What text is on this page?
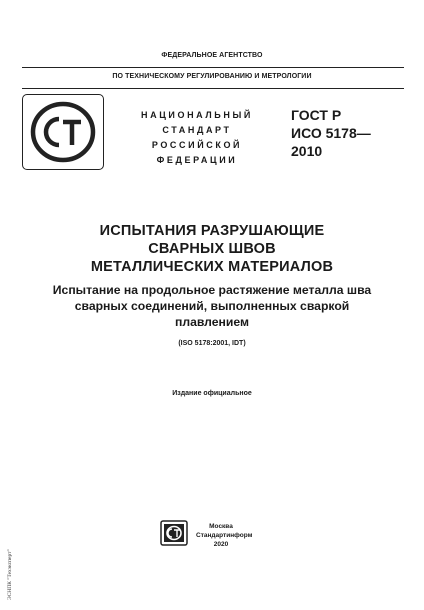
ФЕДЕРАЛЬНОЕ АГЕНТСТВО
ПО ТЕХНИЧЕСКОМУ РЕГУЛИРОВАНИЮ И МЕТРОЛОГИИ
НАЦИОНАЛЬНЫЙ
СТАНДАРТ
РОССИЙСКОЙ
ФЕДЕРАЦИИ
ГОСТ Р
ИСО 5178—
2010
ИСПЫТАНИЯ РАЗРУШАЮЩИЕ
СВАРНЫХ ШВОВ
МЕТАЛЛИЧЕСКИХ МАТЕРИАЛОВ
Испытание на продольное растяжение металла шва
сварных соединений, выполненных сваркой
плавлением
(ISO 5178:2001, IDT)
Издание официальное
Москва
Стандартинформ
2020
ЭСНПК "Техэксперт"
